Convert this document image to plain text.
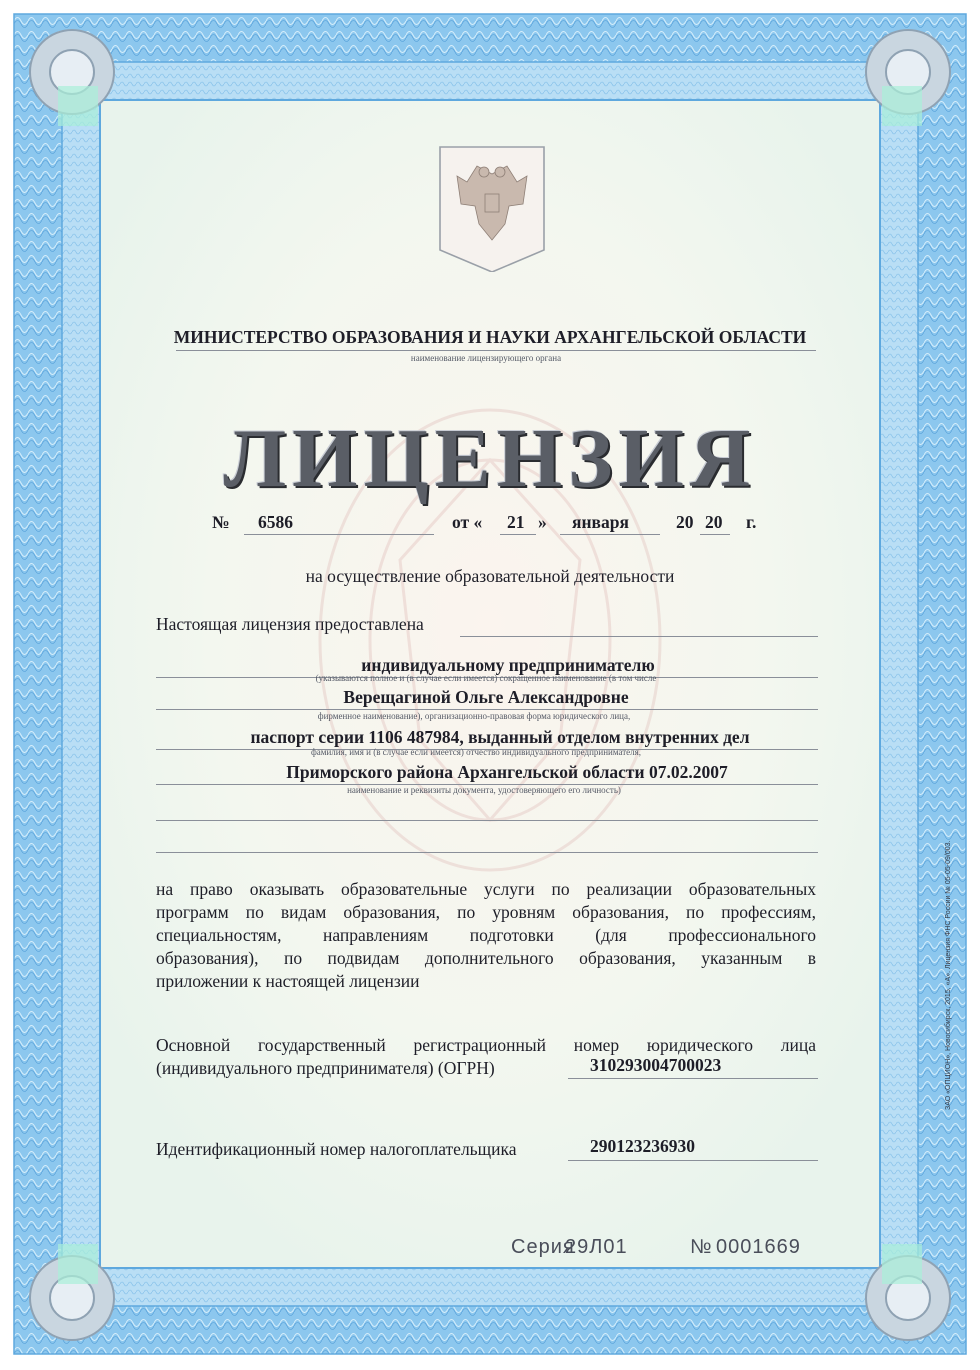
МИНИСТЕРСТВО ОБРАЗОВАНИЯ И НАУКИ АРХАНГЕЛЬСКОЙ ОБЛАСТИ
наименование лицензирующего органа
ЛИЦЕНЗИЯ
№ 6586	от « 21 » января	20 20 г.
на осуществление образовательной деятельности
Настоящая лицензия предоставлена
индивидуальному предпринимателю
(указываются полное и (в случае если имеется) сокращенное наименование (в том числе
Верещагиной Ольге Александровне
фирменное наименование), организационно-правовая форма юридического лица,
паспорт серии 1106 487984, выданный отделом внутренних дел
фамилия, имя и (в случае если имеется) отчество индивидуального предпринимателя,
Приморского района Архангельской области 07.02.2007
наименование и реквизиты документа, удостоверяющего его личность)
на право оказывать образовательные услуги по реализации образовательных
программ по видам образования, по уровням образования, по профессиям,
специальностям, направлениям подготовки (для профессионального
образования), по подвидам дополнительного образования, указанным в
приложении к настоящей лицензии
Основной государственный регистрационный номер юридического лица
(индивидуального предпринимателя) (ОГРН)	310293004700023
Идентификационный номер налогоплательщика	290123236930
Серия
29Л01	№ 0001669
ЗАО «ОПЦИОН», Новосибирск, 2015, «А». Лицензия ФНС России № 05-05-09/003.
